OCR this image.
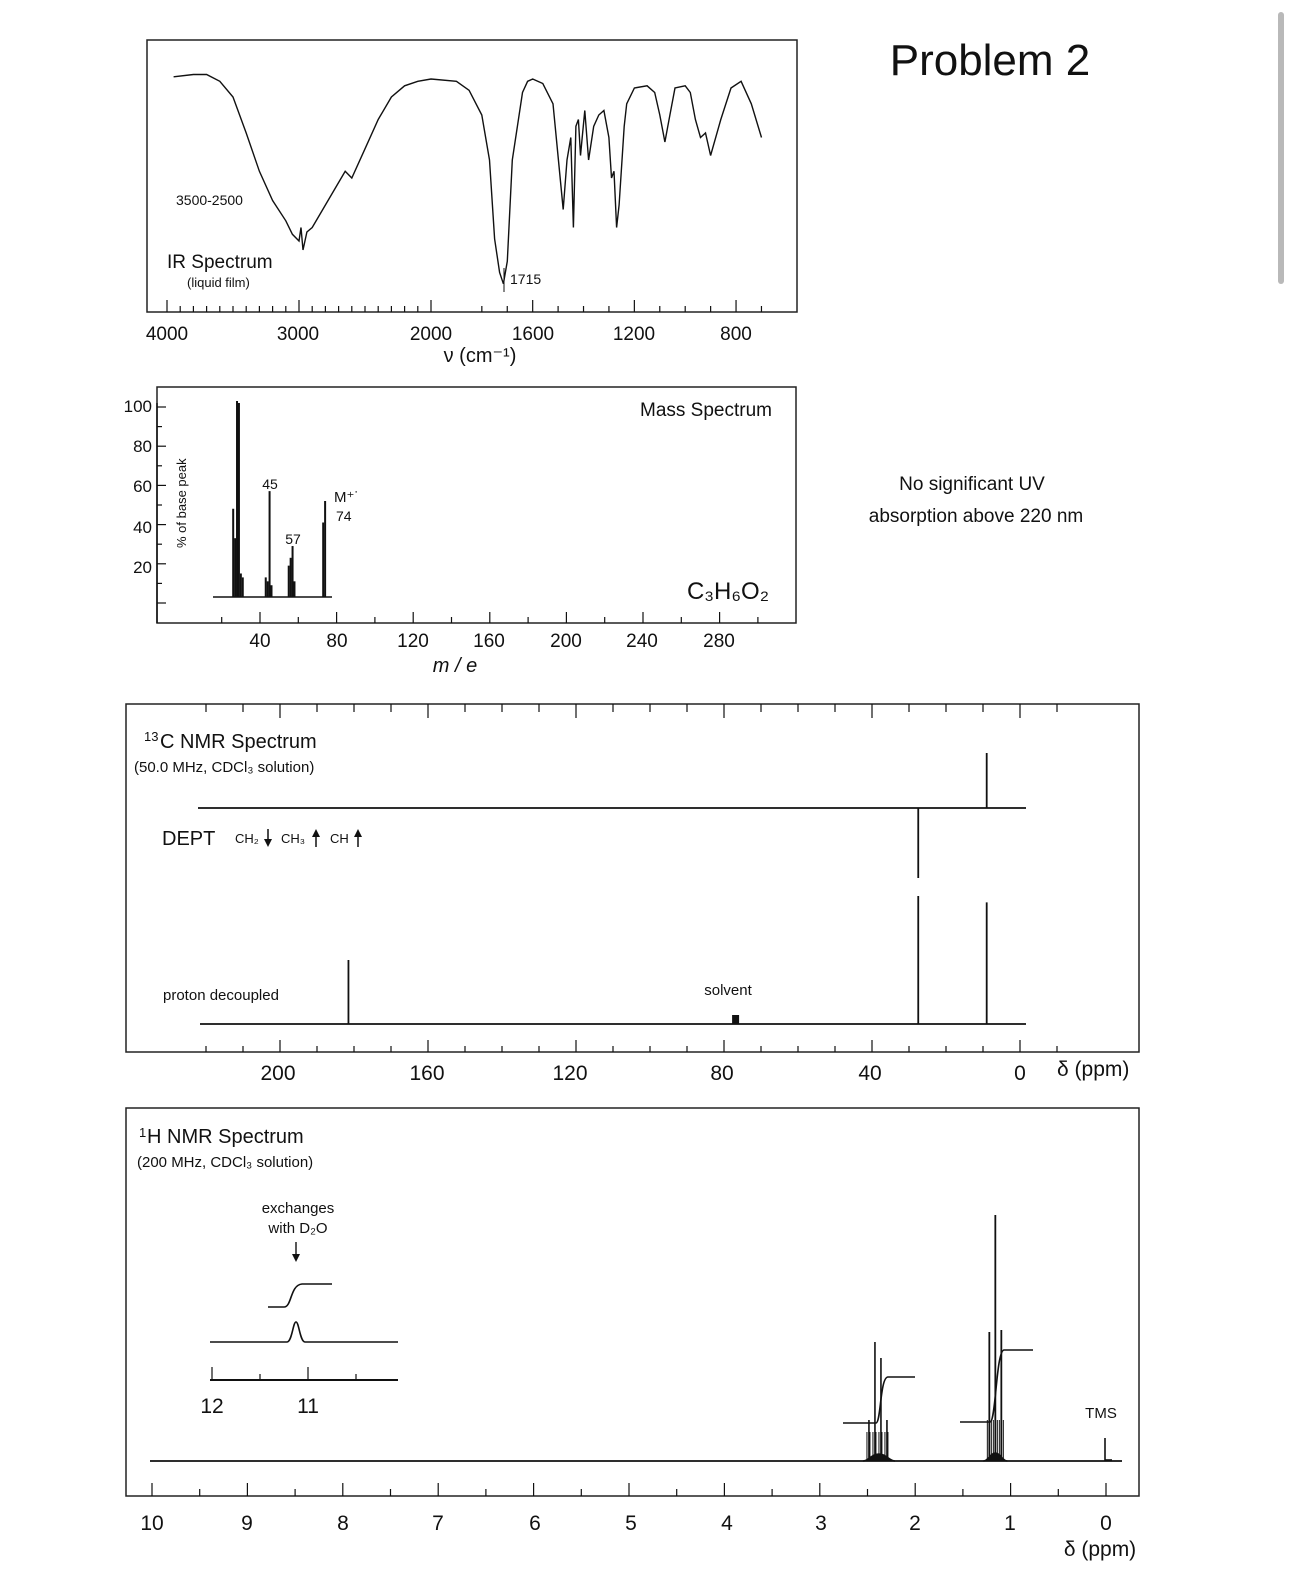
3500-2500
IR Spectrum
(liquid film)	1715
4000	3000	2000	1600	1200	800
ν (cm⁻¹)
Problem 2
No significant UV
absorption above 220 nm
100
80
60
40
20
% of base peak	45
57
M⁺˙
74
Mass Spectrum
C₃H₆O₂
40	80	120 160 200 240 280
m / e
13 C NMR Spectrum
(50.0 MHz, CDCl₃ solution)
DEPT CH₂ CH₃ CH
proton decoupled	solvent
200	160	120	80	40	0 δ (ppm)
1 H NMR Spectrum
(200 MHz, CDCl₃ solution)
exchanges
with D₂O
12	11	TMS
10	9	8	7	6	5	4	3	2	1	0
δ (ppm)
